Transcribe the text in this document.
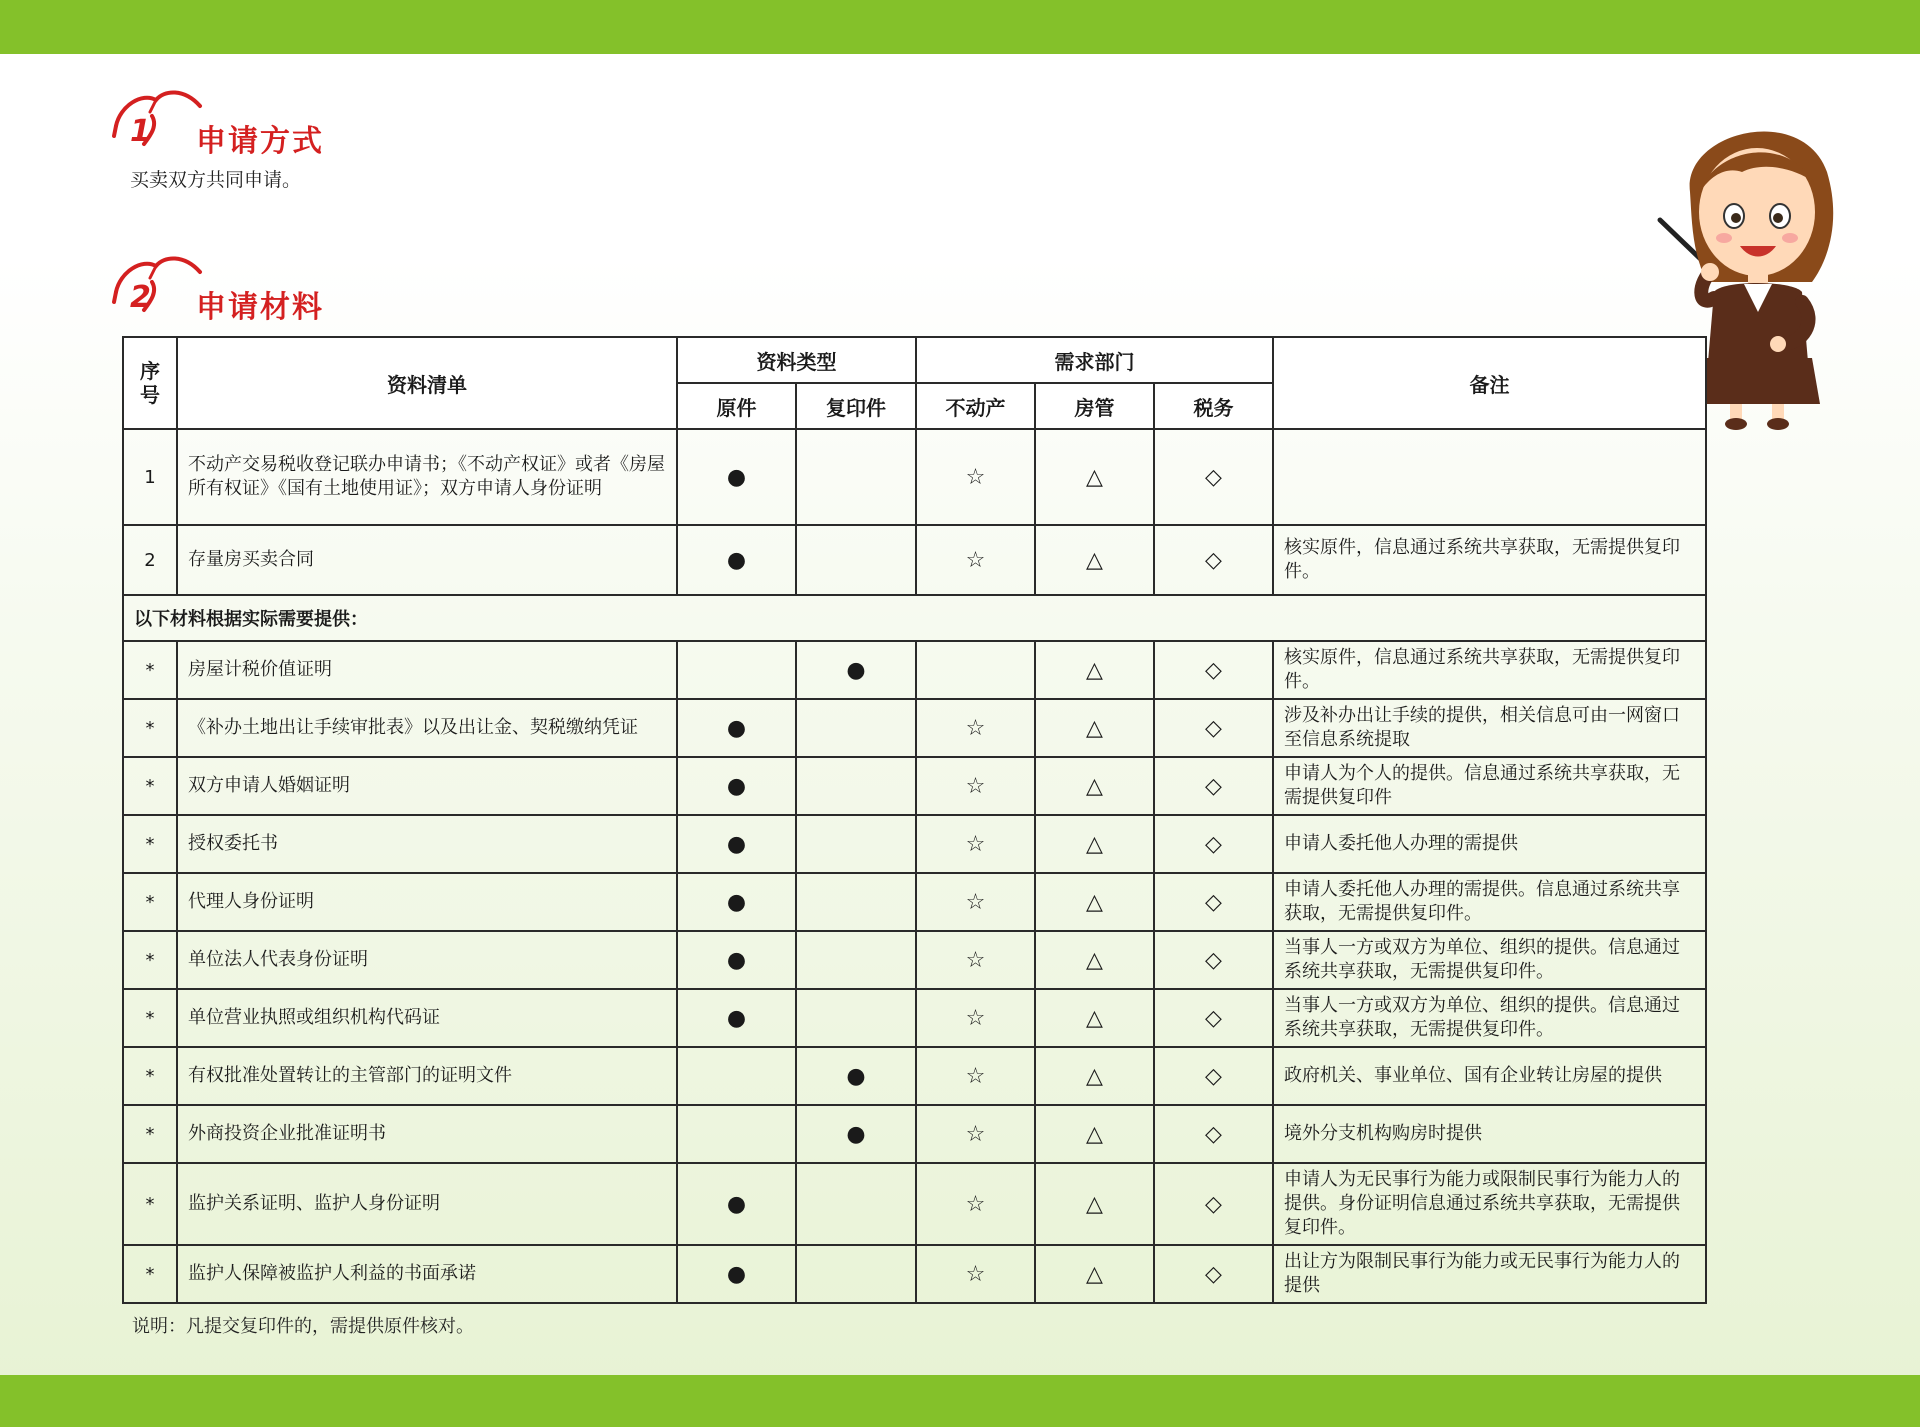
1 申请方式
买卖双方共同申请。
2 申请材料
序
号	资料清单	资料类型		需求部门			备注
		原件	复印件	不动产	房管	税务	
1	不动产交易税收登记联办申请书；《不动产权证》或者《房屋所有权证》《国有土地使用证》；双方申请人身份证明	●		☆	△	◇	
2	存量房买卖合同	●		☆	△	◇	核实原件，信息通过系统共享获取，无需提供复印件。
以下材料根据实际需要提供：							
*	房屋计税价值证明		●		△	◇	核实原件，信息通过系统共享获取，无需提供复印件。
*	《补办土地出让手续审批表》以及出让金、契税缴纳凭证	●		☆	△	◇	涉及补办出让手续的提供，相关信息可由一网窗口至信息系统提取
*	双方申请人婚姻证明	●		☆	△	◇	申请人为个人的提供。信息通过系统共享获取，无需提供复印件
*	授权委托书	●		☆	△	◇	申请人委托他人办理的需提供
*	代理人身份证明	●		☆	△	◇	申请人委托他人办理的需提供。信息通过系统共享获取，无需提供复印件。
*	单位法人代表身份证明	●		☆	△	◇	当事人一方或双方为单位、组织的提供。信息通过系统共享获取，无需提供复印件。
*	单位营业执照或组织机构代码证	●		☆	△	◇	当事人一方或双方为单位、组织的提供。信息通过系统共享获取，无需提供复印件。
*	有权批准处置转让的主管部门的证明文件		●	☆	△	◇	政府机关、事业单位、国有企业转让房屋的提供
*	外商投资企业批准证明书		●	☆	△	◇	境外分支机构购房时提供
*	监护关系证明、监护人身份证明	●		☆	△	◇	申请人为无民事行为能力或限制民事行为能力人的提供。身份证明信息通过系统共享获取，无需提供复印件。
*	监护人保障被监护人利益的书面承诺	●		☆	△	◇	出让方为限制民事行为能力或无民事行为能力人的提供
说明：凡提交复印件的，需提供原件核对。
